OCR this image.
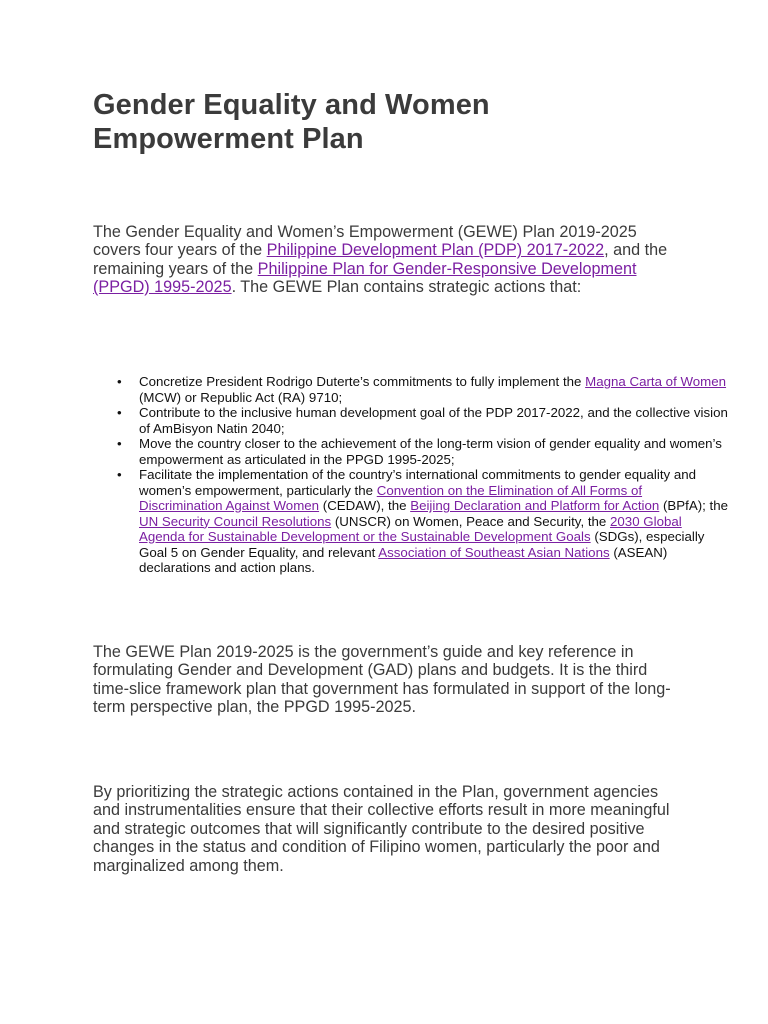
Gender Equality and Women Empowerment Plan

The Gender Equality and Women’s Empowerment (GEWE) Plan 2019-2025 covers four years of the Philippine Development Plan (PDP) 2017-2022, and the remaining years of the Philippine Plan for Gender-Responsive Development (PPGD) 1995-2025. The GEWE Plan contains strategic actions that:

• Concretize President Rodrigo Duterte’s commitments to fully implement the Magna Carta of Women (MCW) or Republic Act (RA) 9710;
• Contribute to the inclusive human development goal of the PDP 2017-2022, and the collective vision of AmBisyon Natin 2040;
• Move the country closer to the achievement of the long-term vision of gender equality and women’s empowerment as articulated in the PPGD 1995-2025;
• Facilitate the implementation of the country’s international commitments to gender equality and women’s empowerment, particularly the Convention on the Elimination of All Forms of Discrimination Against Women (CEDAW), the Beijing Declaration and Platform for Action (BPfA); the UN Security Council Resolutions (UNSCR) on Women, Peace and Security, the 2030 Global Agenda for Sustainable Development or the Sustainable Development Goals (SDGs), especially Goal 5 on Gender Equality, and relevant Association of Southeast Asian Nations (ASEAN) declarations and action plans.

The GEWE Plan 2019-2025 is the government’s guide and key reference in formulating Gender and Development (GAD) plans and budgets. It is the third time-slice framework plan that government has formulated in support of the long-term perspective plan, the PPGD 1995-2025.

By prioritizing the strategic actions contained in the Plan, government agencies and instrumentalities ensure that their collective efforts result in more meaningful and strategic outcomes that will significantly contribute to the desired positive changes in the status and condition of Filipino women, particularly the poor and marginalized among them.
